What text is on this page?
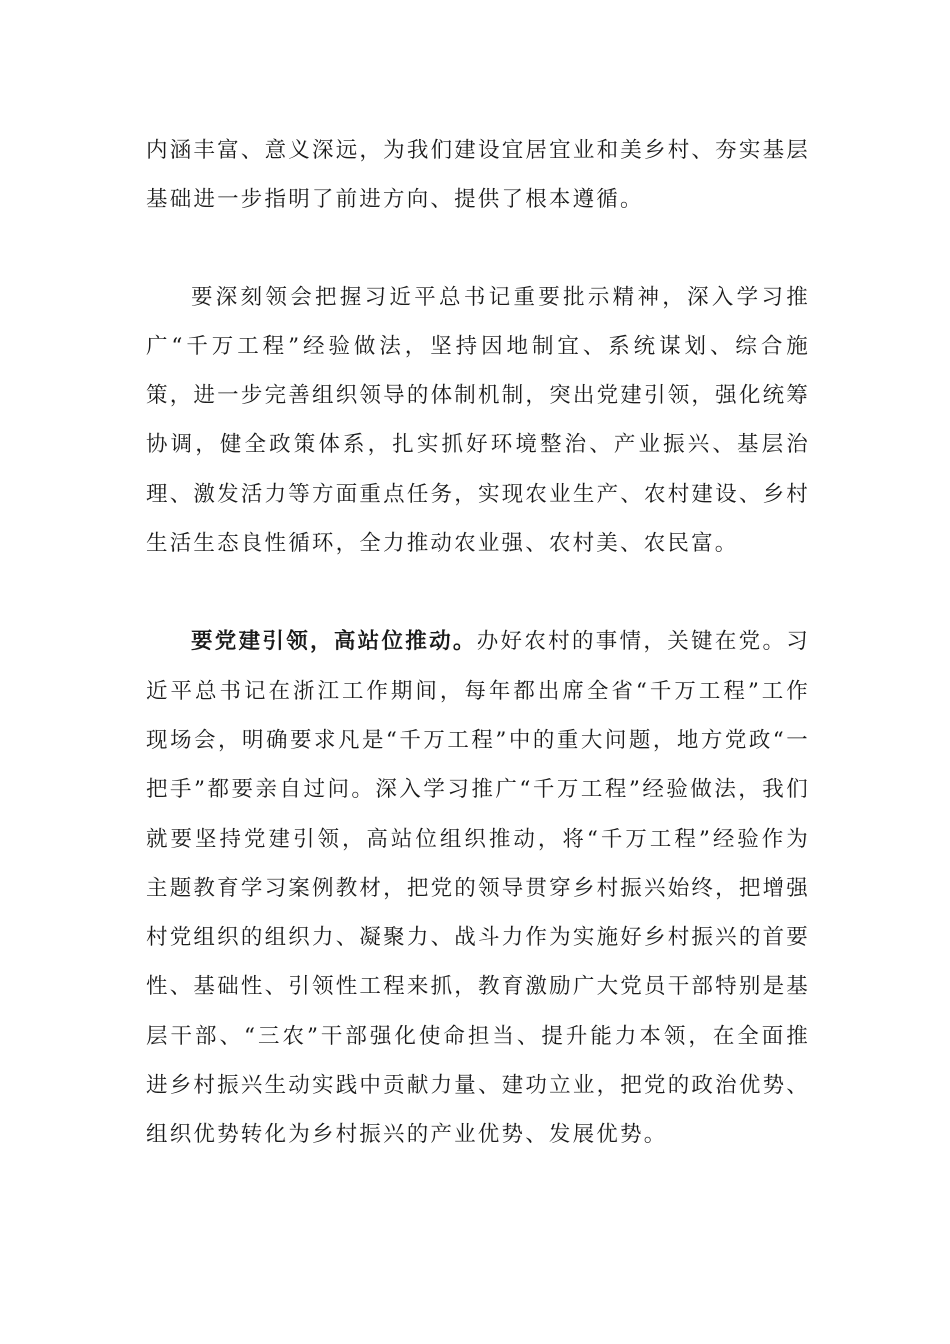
内涵丰富、意义深远，为我们建设宜居宜业和美乡村、夯实基层基础进一步指明了前进方向、提供了根本遵循。

要深刻领会把握习近平总书记重要批示精神，深入学习推广“千万工程”经验做法，坚持因地制宜、系统谋划、综合施策，进一步完善组织领导的体制机制，突出党建引领，强化统筹协调，健全政策体系，扎实抓好环境整治、产业振兴、基层治理、激发活力等方面重点任务，实现农业生产、农村建设、乡村生活生态良性循环，全力推动农业强、农村美、农民富。

要党建引领，高站位推动。办好农村的事情，关键在党。习近平总书记在浙江工作期间，每年都出席全省“千万工程”工作现场会，明确要求凡是“千万工程”中的重大问题，地方党政“一把手”都要亲自过问。深入学习推广“千万工程”经验做法，我们就要坚持党建引领，高站位组织推动，将“千万工程”经验作为主题教育学习案例教材，把党的领导贯穿乡村振兴始终，把增强村党组织的组织力、凝聚力、战斗力作为实施好乡村振兴的首要性、基础性、引领性工程来抓，教育激励广大党员干部特别是基层干部、“三农”干部强化使命担当、提升能力本领，在全面推进乡村振兴生动实践中贡献力量、建功立业，把党的政治优势、组织优势转化为乡村振兴的产业优势、发展优势。
